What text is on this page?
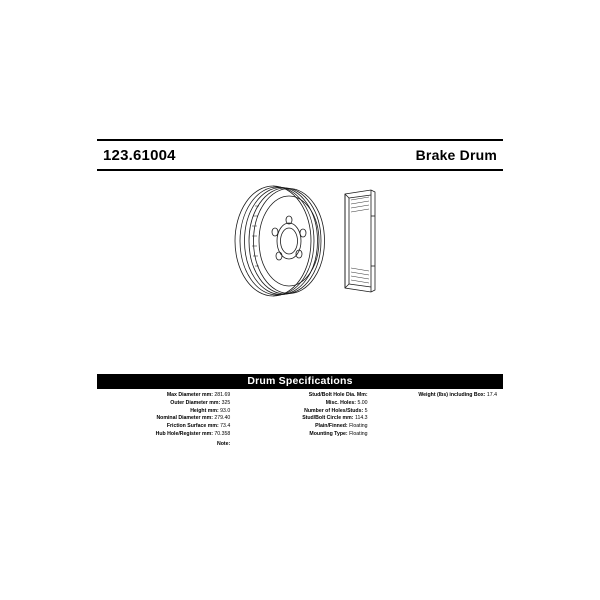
123.61004	Brake Drum
Drum Specifications
Max Diameter mm: 281.69
Outer Diameter mm: 325
Height mm: 93.0
Nominal Diameter mm: 279.40
Friction Surface mm: 73.4
Hub Hole/Register mm: 70.358
Note:
Stud/Bolt Hole Dia. Mm:
Misc. Holes: 5.00
Number of Holes/Studs: 5
Stud/Bolt Circle mm: 114.3
Plain/Finned: Floating
Mounting Type: Floating
Weight (lbs) including Box: 17.4
